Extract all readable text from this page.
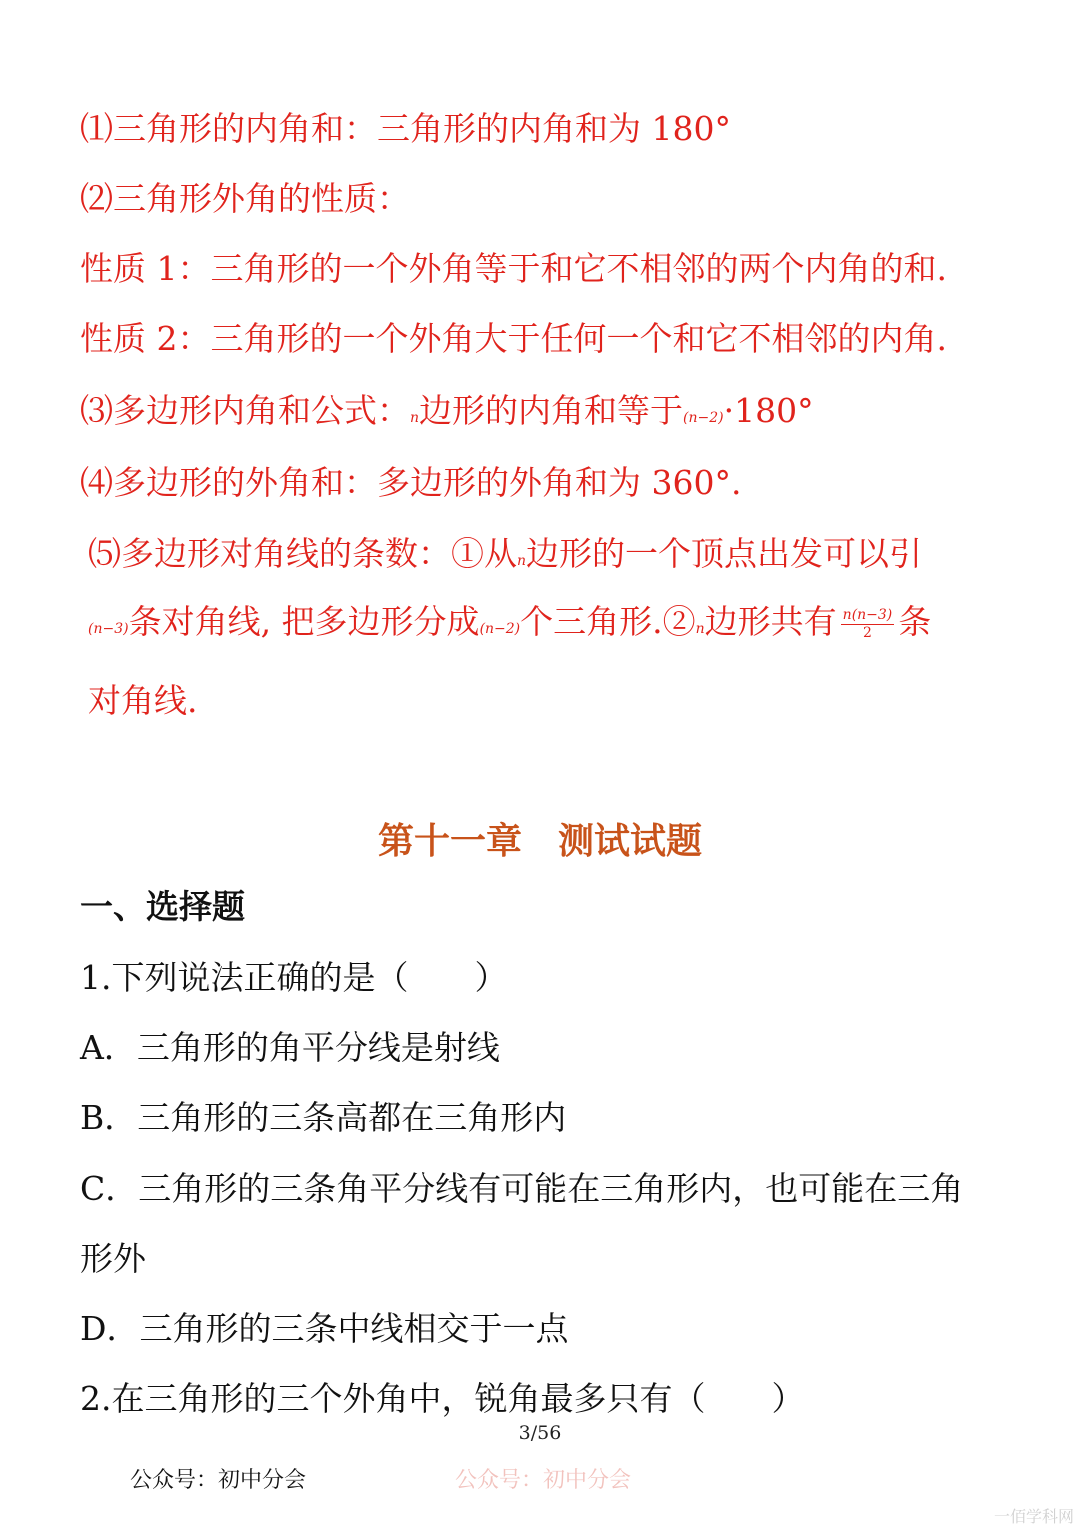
⑴三角形的内角和：三角形的内角和为 180°
⑵三角形外角的性质：
性质 1：三角形的一个外角等于和它不相邻的两个内角的和.
性质 2：三角形的一个外角大于任何一个和它不相邻的内角.
⑶多边形内角和公式：n边形的内角和等于(n−2)·180°
⑷多边形的外角和：多边形的外角和为 360°.
⑸多边形对角线的条数：①从n边形的一个顶点出发可以引
(n−3)条对角线, 把多边形分成(n−2)个三角形.②n边形共有 $\frac{n(n-3)}{2}$ 条
对角线.
第十一章　测试试题
一、选择题
1.下列说法正确的是（　　）
A．三角形的角平分线是射线
B．三角形的三条高都在三角形内
C．三角形的三条角平分线有可能在三角形内，也可能在三角
形外
D．三角形的三条中线相交于一点
2.在三角形的三个外角中，锐角最多只有（　　）
3/56
公众号：初中分会	公众号：初中分会
一佰学科网
